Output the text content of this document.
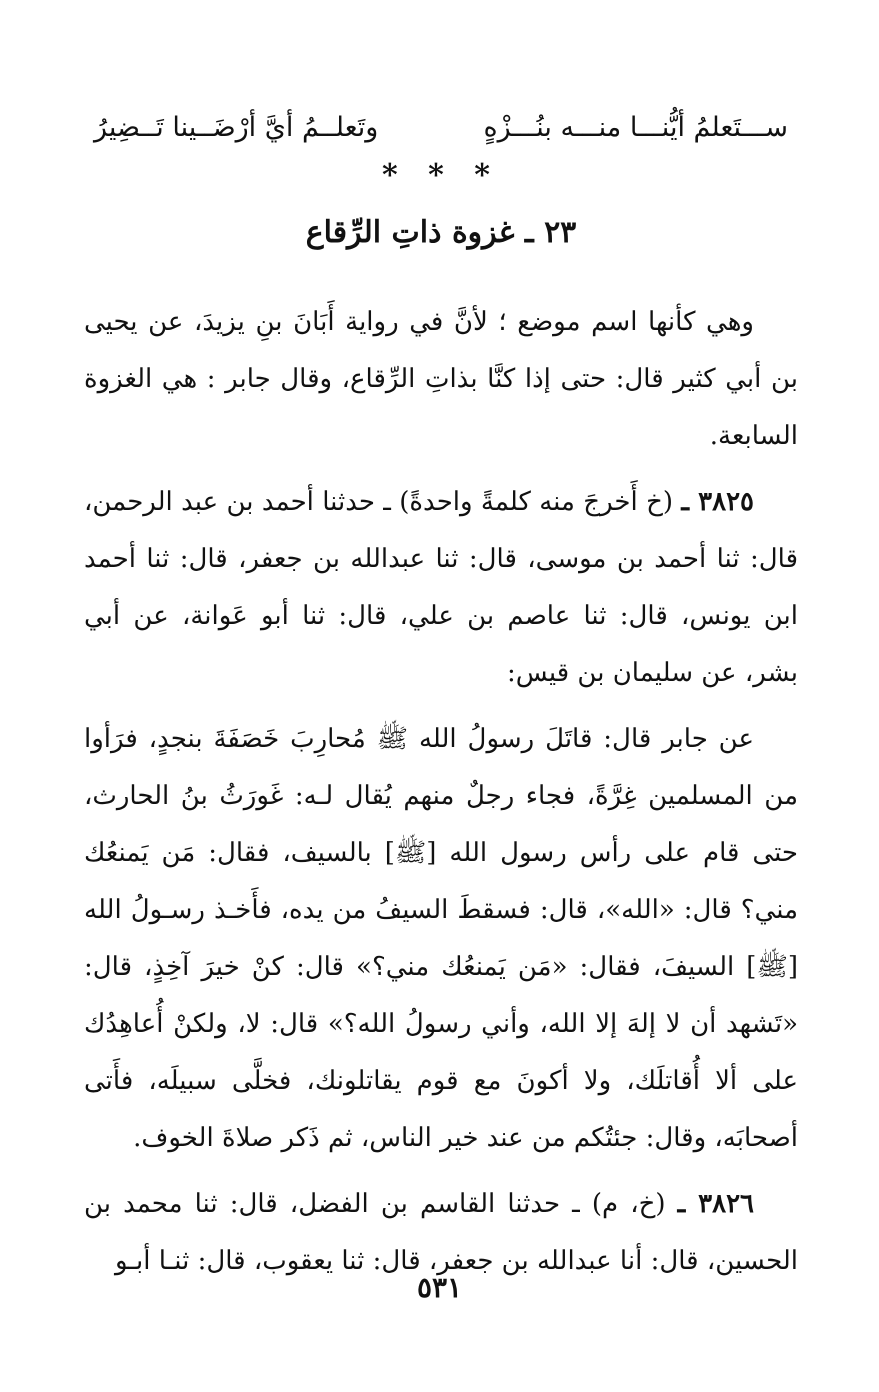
ســـتَعلمُ أيُّنـــا منـــه بنُـــزْهٍ
وتَعلــمُ أيَّ أرْضَــينا تَــضِيرُ
* * *
٢٣ ـ غزوة ذاتِ الرِّقاع

وهي كأنها اسم موضع ؛ لأنَّ في رواية أَبَانَ بنِ يزيدَ، عن يحيى بن أبي كثير قال: حتى إذا كنَّا بذاتِ الرِّقاع، وقال جابر : هي الغزوة السابعة.

٣٨٢٥ ـ (خ أَخرجَ منه كلمةً واحدةً) ـ حدثنا أحمد بن عبد الرحمن، قال: ثنا أحمد بن موسى، قال: ثنا عبدالله بن جعفر، قال: ثنا أحمد ابن يونس، قال: ثنا عاصم بن علي، قال: ثنا أبو عَوانة، عن أبي بشر، عن سليمان بن قيس:

عن جابر قال: قاتَلَ رسولُ الله ﷺ مُحارِبَ خَصَفَةَ بنجدٍ، فرَأوا من المسلمين غِرَّةً، فجاء رجلٌ منهم يُقال لـه: غَورَثُ بنُ الحارث، حتى قام على رأس رسول الله [ﷺ] بالسيف، فقال: مَن يَمنعُك مني؟ قال: «الله»، قال: فسقطَ السيفُ من يده، فأَخـذ رسـولُ الله [ﷺ] السيفَ، فقال: «مَن يَمنعُك مني؟» قال: كنْ خيرَ آخِذٍ، قال: «تَشهد أن لا إلهَ إلا الله، وأني رسولُ الله؟» قال: لا، ولكنْ أُعاهِدُك على ألا أُقاتلَك، ولا أكونَ مع قوم يقاتلونك، فخلَّى سبيلَه، فأَتى أصحابَه، وقال: جئتُكم من عند خير الناس، ثم ذَكر صلاةَ الخوف.

٣٨٢٦ ـ (خ، م) ـ حدثنا القاسم بن الفضل، قال: ثنا محمد بن الحسين، قال: أنا عبدالله بن جعفر، قال: ثنا يعقوب، قال: ثنـا أبـو

٥٣١
